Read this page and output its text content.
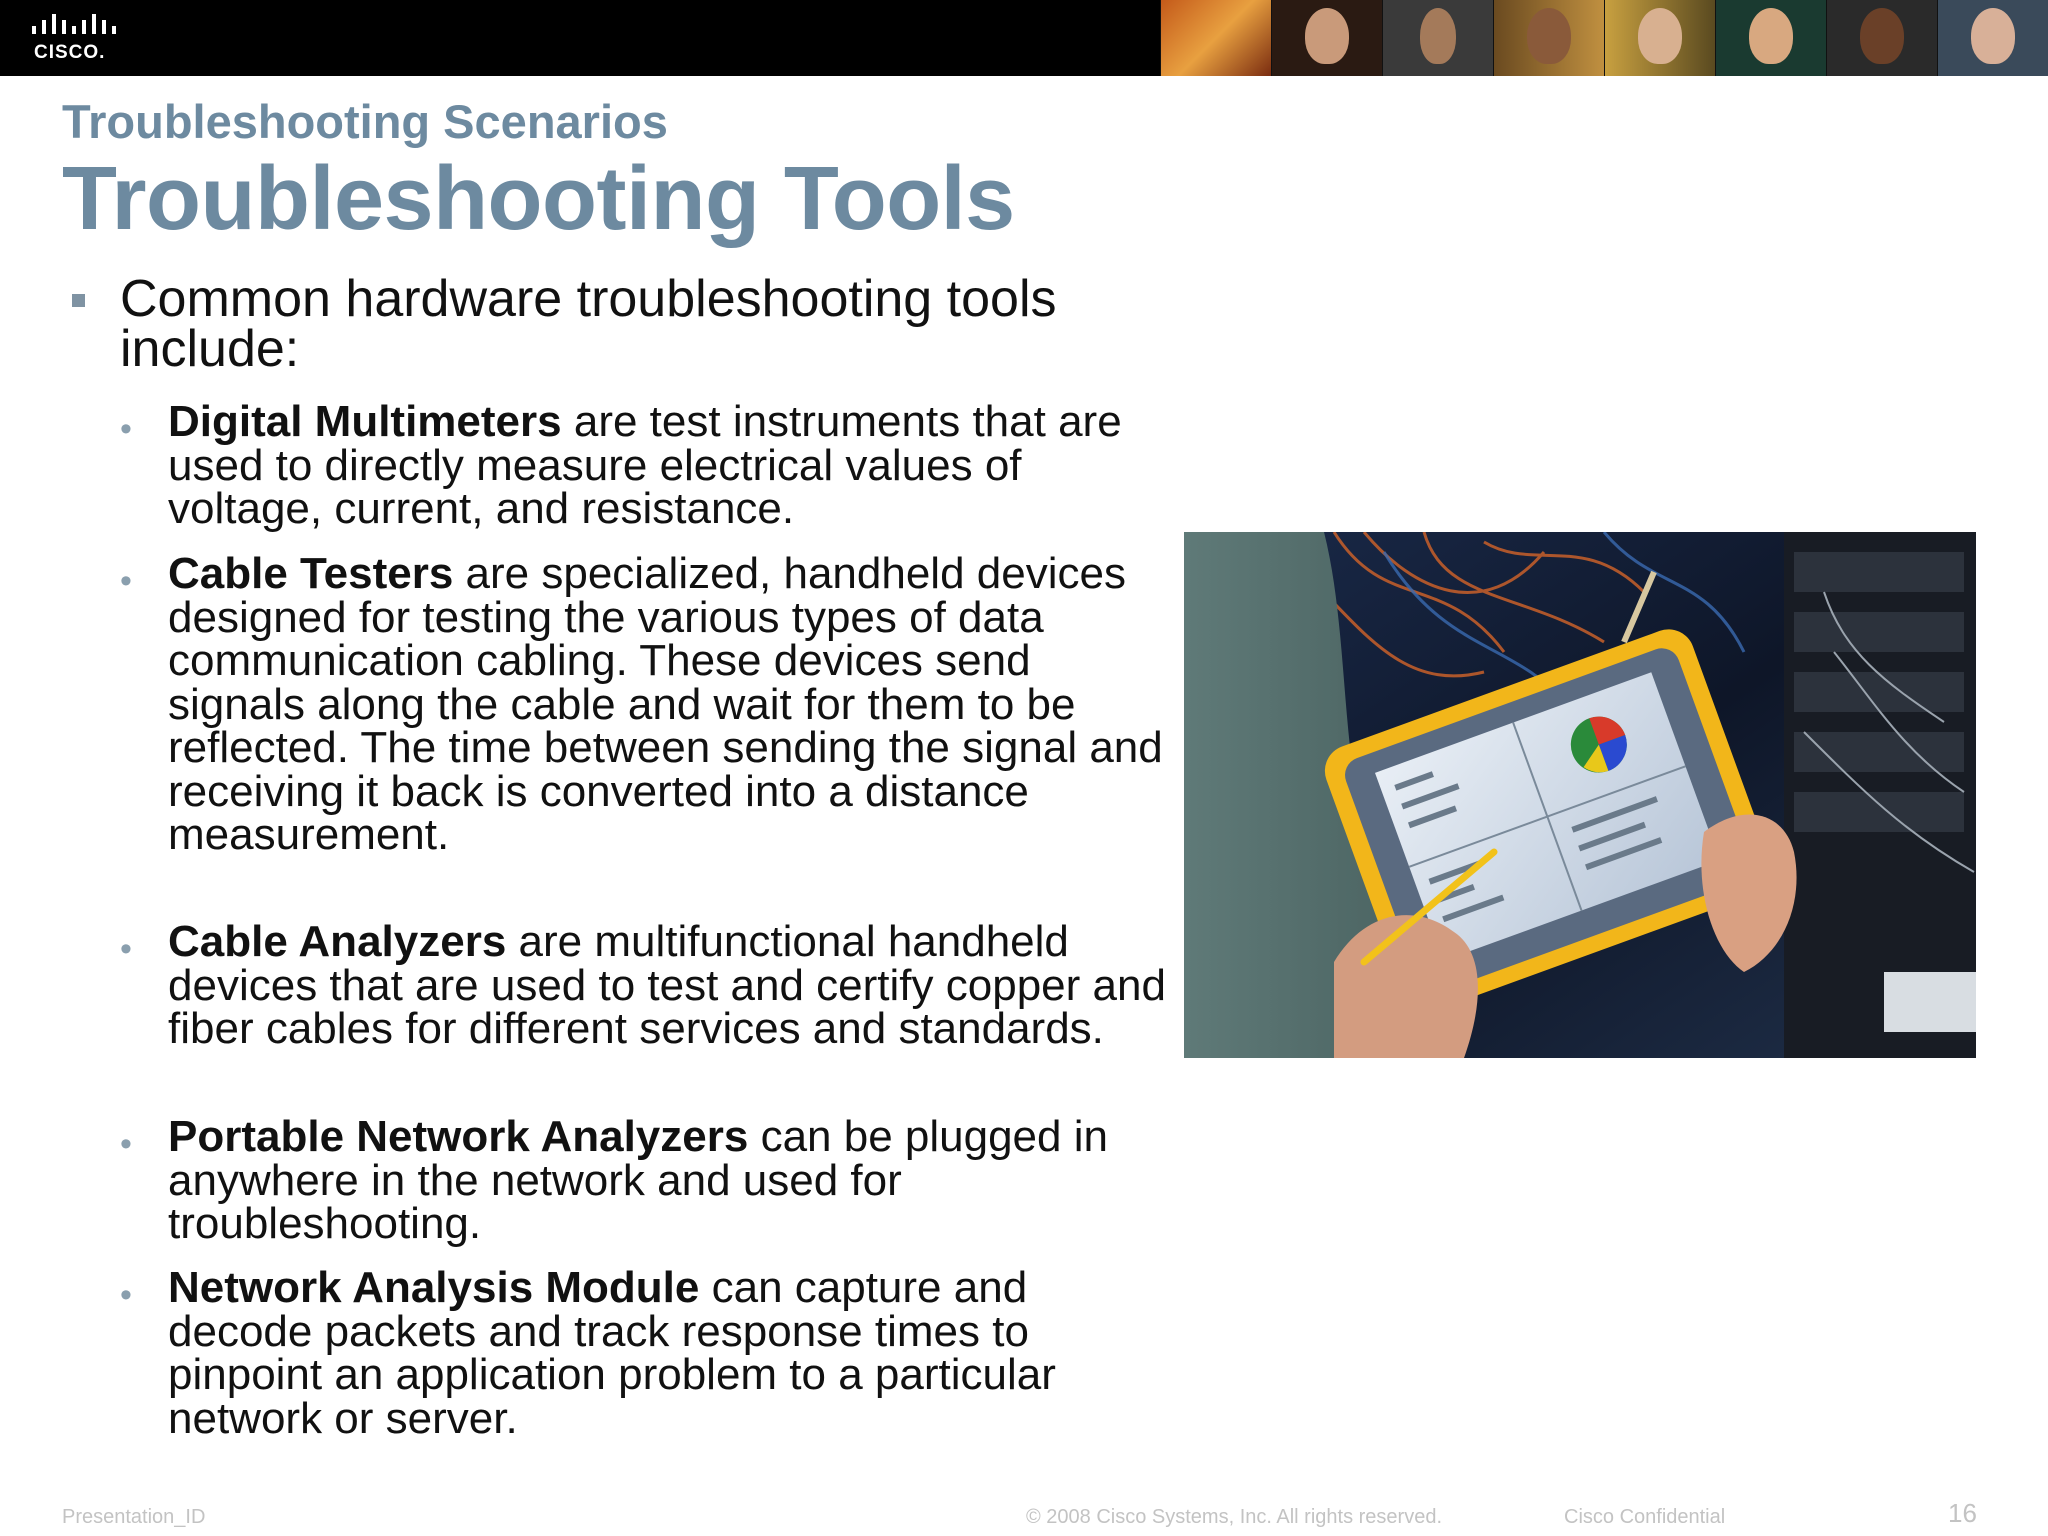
CISCO.
Troubleshooting Scenarios
Troubleshooting Tools
Common hardware troubleshooting tools include:
• Digital Multimeters are test instruments that are used to directly measure electrical values of voltage, current, and resistance.
• Cable Testers are specialized, handheld devices designed for testing the various types of data communication cabling. These devices send signals along the cable and wait for them to be reflected. The time between sending the signal and receiving it back is converted into a distance measurement.
• Cable Analyzers are multifunctional handheld devices that are used to test and certify copper and fiber cables for different services and standards.
• Portable Network Analyzers can be plugged in anywhere in the network and used for troubleshooting.
• Network Analysis Module can capture and decode packets and track response times to pinpoint an application problem to a particular network or server.
Presentation_ID	© 2008 Cisco Systems, Inc. All rights reserved.	Cisco Confidential	16
